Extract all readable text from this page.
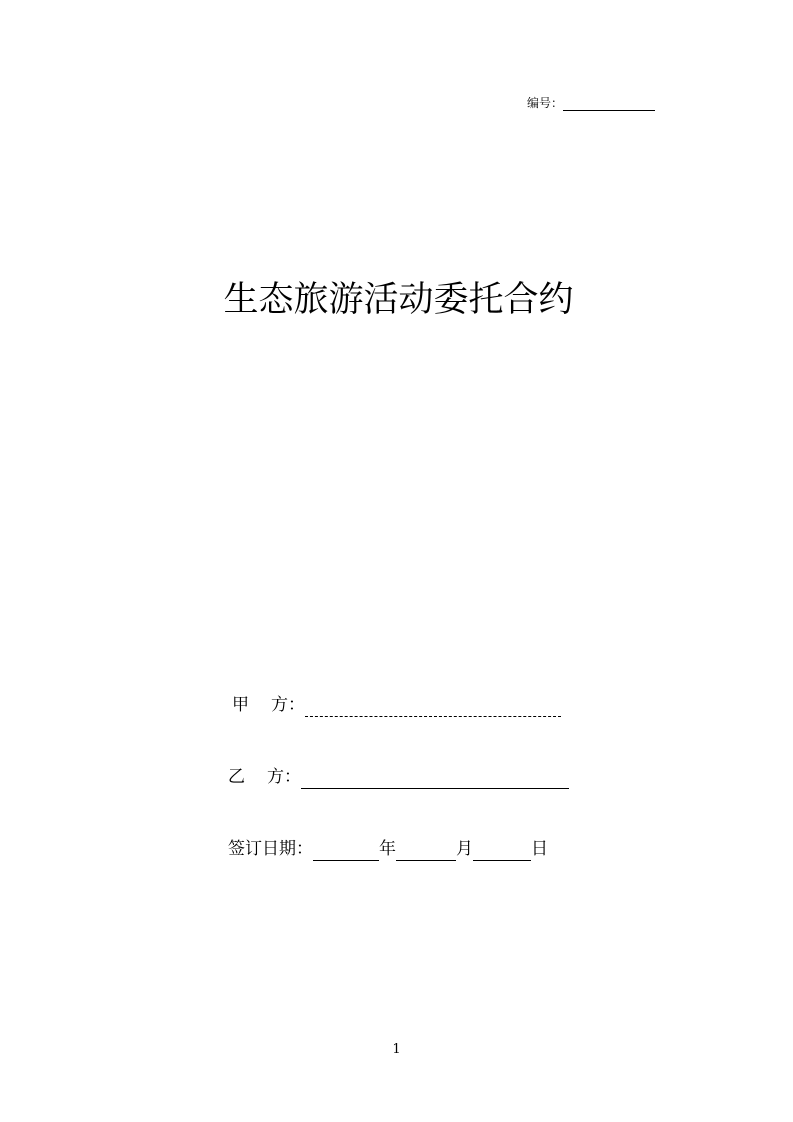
编号：
生态旅游活动委托合约
甲 方：
乙 方：
签订日期：	年	月	日
1
